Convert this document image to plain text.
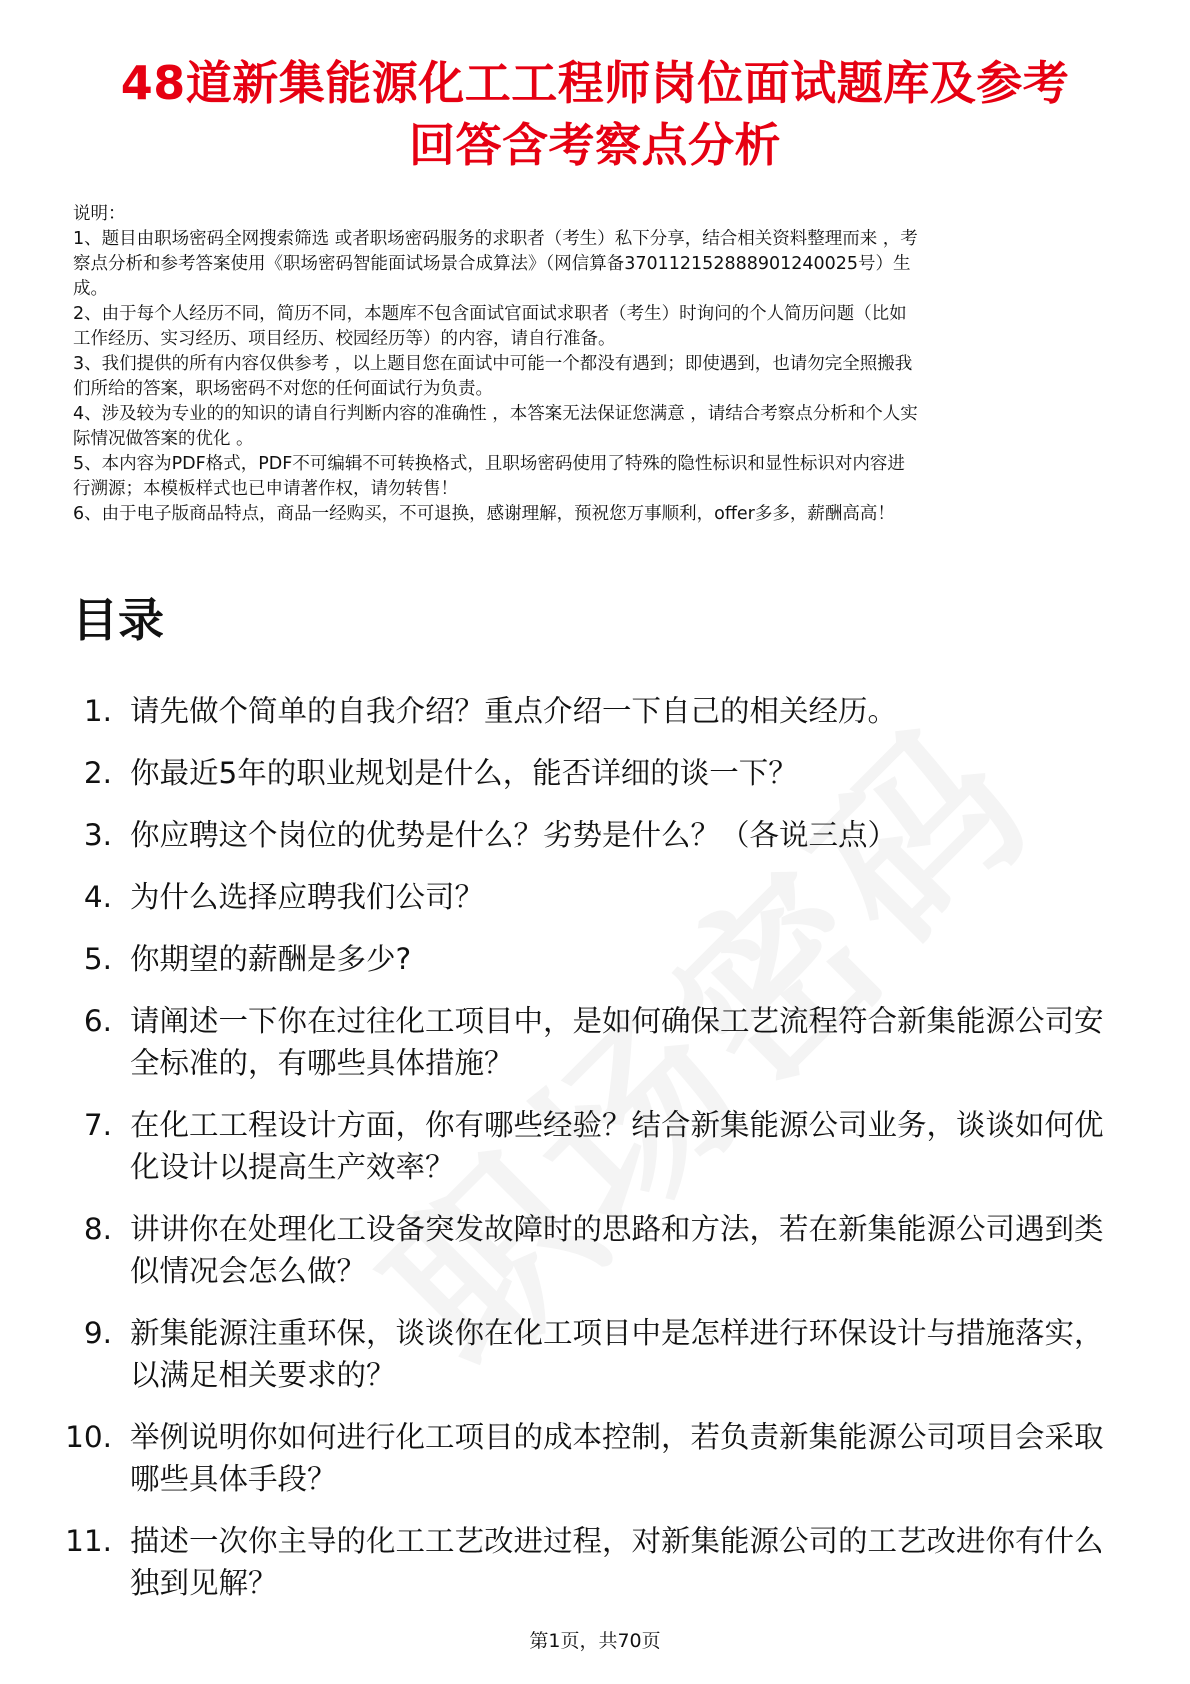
48道新集能源化工工程师岗位面试题库及参考
回答含考察点分析
说明：
1、题目由职场密码全网搜索筛选 或者职场密码服务的求职者（考生）私下分享，结合相关资料整理而来 ，考
察点分析和参考答案使用《职场密码智能面试场景合成算法》（网信算备370112152888901240025号）生
成。
2、由于每个人经历不同，简历不同，本题库不包含面试官面试求职者（考生）时询问的个人简历问题（比如
工作经历、实习经历、项目经历、校园经历等）的内容，请自行准备。
3、我们提供的所有内容仅供参考 ，以上题目您在面试中可能一个都没有遇到；即使遇到，也请勿完全照搬我
们所给的答案，职场密码不对您的任何面试行为负责。
4、涉及较为专业的的知识的请自行判断内容的准确性 ，本答案无法保证您满意 ，请结合考察点分析和个人实
际情况做答案的优化 。
5、本内容为PDF格式，PDF不可编辑不可转换格式，且职场密码使用了特殊的隐性标识和显性标识对内容进
行溯源；本模板样式也已申请著作权，请勿转售！
6、由于电子版商品特点，商品一经购买，不可退换，感谢理解，预祝您万事顺利，offer多多，薪酬高高！
目录
1. 请先做个简单的自我介绍？重点介绍一下自己的相关经历。
2. 你最近5年的职业规划是什么，能否详细的谈一下？
3. 你应聘这个岗位的优势是什么？劣势是什么？（各说三点）
4. 为什么选择应聘我们公司？
5. 你期望的薪酬是多少?
6. 请阐述一下你在过往化工项目中，是如何确保工艺流程符合新集能源公司安全标准的，有哪些具体措施？
7. 在化工工程设计方面，你有哪些经验？结合新集能源公司业务，谈谈如何优化设计以提高生产效率？
8. 讲讲你在处理化工设备突发故障时的思路和方法，若在新集能源公司遇到类似情况会怎么做？
9. 新集能源注重环保，谈谈你在化工项目中是怎样进行环保设计与措施落实，以满足相关要求的？
10. 举例说明你如何进行化工项目的成本控制，若负责新集能源公司项目会采取哪些具体手段？
11. 描述一次你主导的化工工艺改进过程，对新集能源公司的工艺改进你有什么独到见解？
第1页，共70页
